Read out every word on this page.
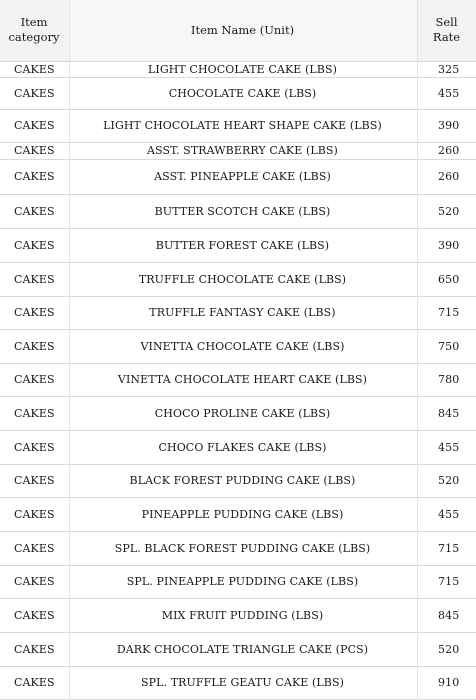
Item
category	Item Name (Unit)	Sell Rate
CAKES	LIGHT CHOCOLATE CAKE (LBS)	325
CAKES	CHOCOLATE CAKE (LBS)	455
CAKES	LIGHT CHOCOLATE HEART SHAPE CAKE (LBS)	390
CAKES	ASST. STRAWBERRY CAKE (LBS)	260
CAKES	ASST. PINEAPPLE CAKE (LBS)	260
CAKES	BUTTER SCOTCH CAKE (LBS)	520
CAKES	BUTTER FOREST CAKE (LBS)	390
CAKES	TRUFFLE CHOCOLATE CAKE (LBS)	650
CAKES	TRUFFLE FANTASY CAKE (LBS)	715
CAKES	VINETTA CHOCOLATE CAKE (LBS)	750
CAKES	VINETTA CHOCOLATE HEART CAKE (LBS)	780
CAKES	CHOCO PROLINE CAKE (LBS)	845
CAKES	CHOCO FLAKES CAKE (LBS)	455
CAKES	BLACK FOREST PUDDING CAKE (LBS)	520
CAKES	PINEAPPLE PUDDING CAKE (LBS)	455
CAKES	SPL. BLACK FOREST PUDDING CAKE (LBS)	715
CAKES	SPL. PINEAPPLE PUDDING CAKE (LBS)	715
CAKES	MIX FRUIT PUDDING (LBS)	845
CAKES	DARK CHOCOLATE TRIANGLE CAKE (PCS)	520
CAKES	SPL. TRUFFLE GEATU CAKE (LBS)	910
